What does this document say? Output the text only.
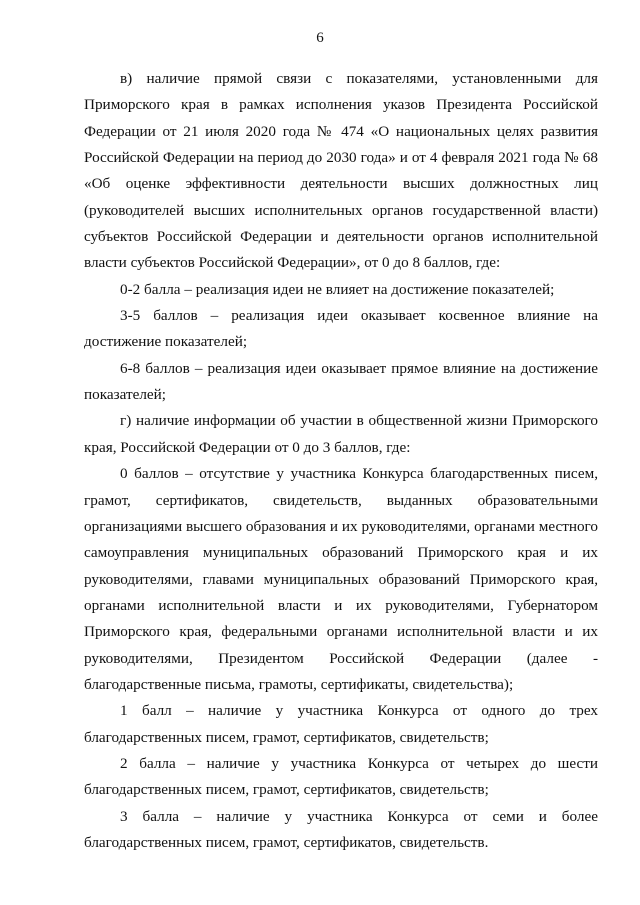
6

в) наличие прямой связи с показателями, установленными для Приморского края в рамках исполнения указов Президента Российской Федерации от 21 июля 2020 года № 474 «О национальных целях развития Российской Федерации на период до 2030 года» и от 4 февраля 2021 года № 68 «Об оценке эффективности деятельности высших должностных лиц (руководителей высших исполнительных органов государственной власти) субъектов Российской Федерации и деятельности органов исполнительной власти субъектов Российской Федерации», от 0 до 8 баллов, где:

0-2 балла – реализация идеи не влияет на достижение показателей;

3-5 баллов – реализация идеи оказывает косвенное влияние на достижение показателей;

6-8 баллов – реализация идеи оказывает прямое влияние на достижение показателей;

г) наличие информации об участии в общественной жизни Приморского края, Российской Федерации от 0 до 3 баллов, где:

0 баллов – отсутствие у участника Конкурса благодарственных писем, грамот, сертификатов, свидетельств, выданных образовательными организациями высшего образования и их руководителями, органами местного самоуправления муниципальных образований Приморского края и их руководителями, главами муниципальных образований Приморского края, органами исполнительной власти и их руководителями, Губернатором Приморского края, федеральными органами исполнительной власти и их руководителями, Президентом Российской Федерации (далее - благодарственные письма, грамоты, сертификаты, свидетельства);

1 балл – наличие у участника Конкурса от одного до трех благодарственных писем, грамот, сертификатов, свидетельств;

2 балла – наличие у участника Конкурса от четырех до шести благодарственных писем, грамот, сертификатов, свидетельств;

3 балла – наличие у участника Конкурса от семи и более благодарственных писем, грамот, сертификатов, свидетельств.
